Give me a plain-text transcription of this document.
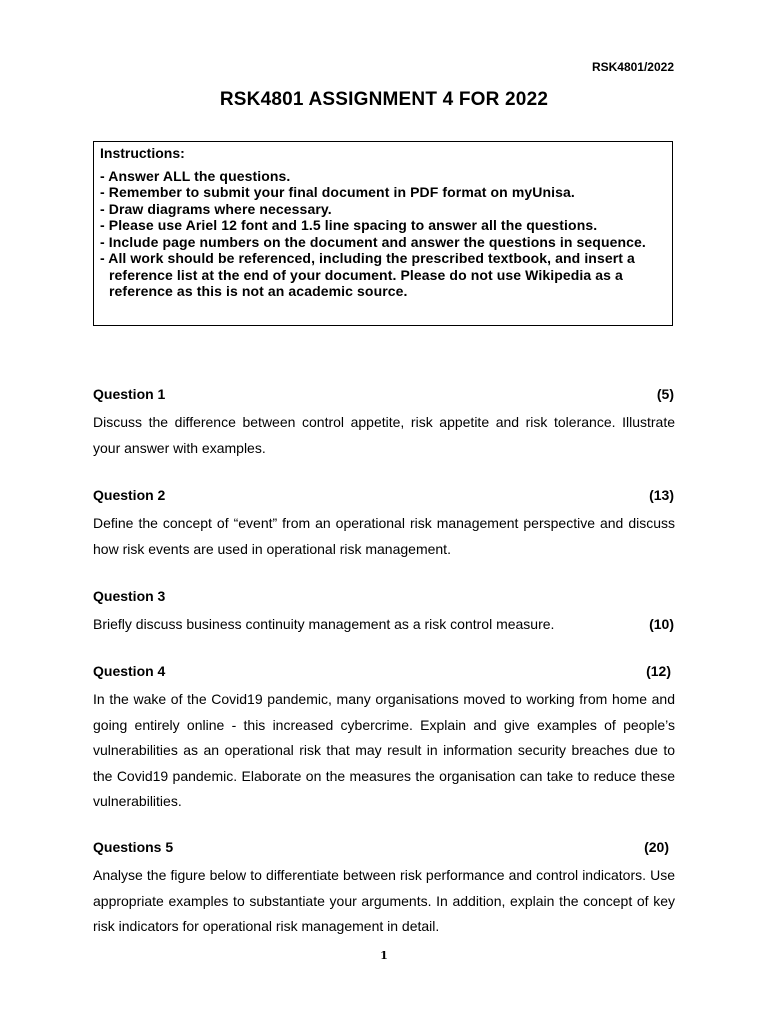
RSK4801/2022
RSK4801 ASSIGNMENT 4 FOR 2022
Instructions:
- Answer ALL the questions.
- Remember to submit your final document in PDF format on myUnisa.
- Draw diagrams where necessary.
- Please use Ariel 12 font and 1.5 line spacing to answer all the questions.
- Include page numbers on the document and answer the questions in sequence.
- All work should be referenced, including the prescribed textbook, and insert a reference list at the end of your document. Please do not use Wikipedia as a reference as this is not an academic source.
Question 1	(5)
Discuss the difference between control appetite, risk appetite and risk tolerance. Illustrate your answer with examples.
Question 2	(13)
Define the concept of “event” from an operational risk management perspective and discuss how risk events are used in operational risk management.
Question 3
Briefly discuss business continuity management as a risk control measure.	(10)
Question 4	(12)
In the wake of the Covid19 pandemic, many organisations moved to working from home and going entirely online - this increased cybercrime. Explain and give examples of people’s vulnerabilities as an operational risk that may result in information security breaches due to the Covid19 pandemic. Elaborate on the measures the organisation can take to reduce these vulnerabilities.
Questions 5	(20)
Analyse the figure below to differentiate between risk performance and control indicators. Use appropriate examples to substantiate your arguments. In addition, explain the concept of key risk indicators for operational risk management in detail.
1
